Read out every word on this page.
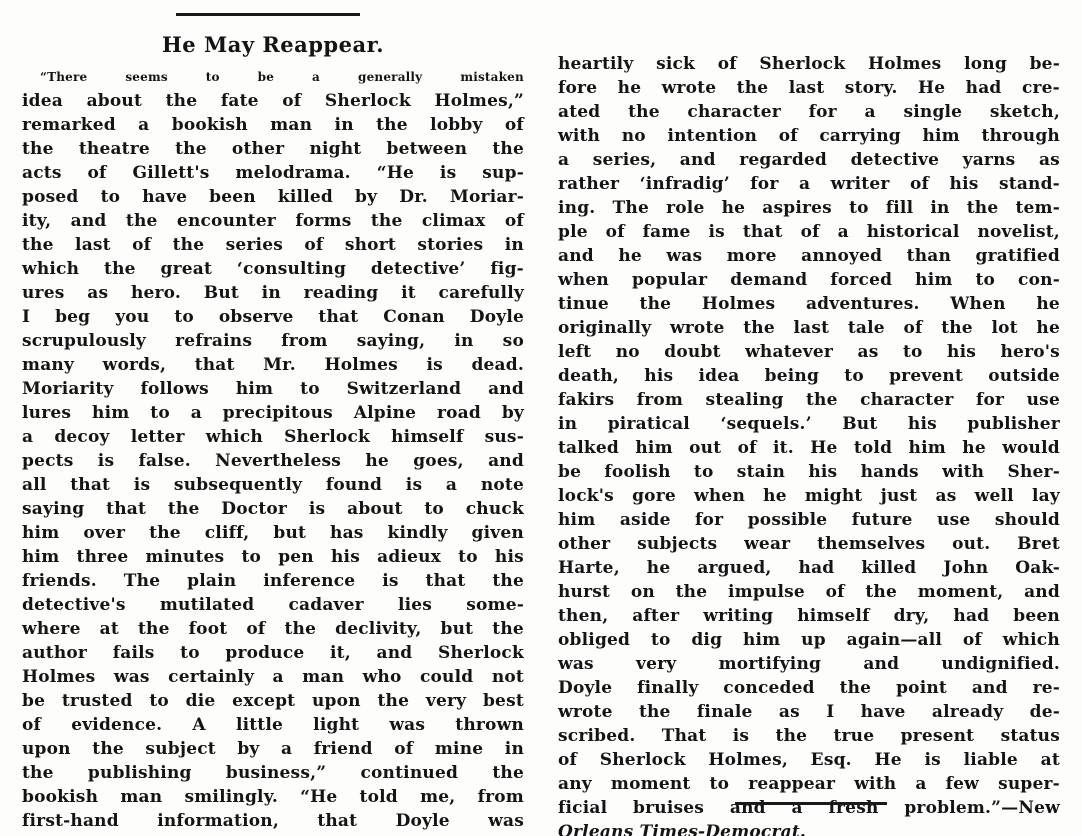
He May Reappear.
“There	seems	to	be	a	generally	mistaken
idea about the fate of Sherlock Holmes,”
remarked a bookish man in the lobby of
the theatre the other night between the
acts of Gillett's melodrama. “He is sup-
posed to have been killed by Dr. Moriar-
ity, and the encounter forms the climax of
the last of the series of short stories in
which the great ‘consulting detective’ fig-
ures as hero. But in reading it carefully
I beg you to observe that Conan Doyle
scrupulously refrains from saying, in so
many words, that Mr. Holmes is dead.
Moriarity follows him to Switzerland and
lures him to a precipitous Alpine road by
a decoy letter which Sherlock himself sus-
pects is false. Nevertheless he goes, and
all that is subsequently found is a note
saying that the Doctor is about to chuck
him over the cliff, but has kindly given
him three minutes to pen his adieux to his
friends. The plain inference is that the
detective's mutilated cadaver lies some-
where at the foot of the declivity, but the
author fails to produce it, and Sherlock
Holmes was certainly a man who could not
be trusted to die except upon the very best
of evidence. A little light was thrown
upon the subject by a friend of mine in
the publishing business,” continued the
bookish man smilingly. “He told me, from
first-hand information, that Doyle was
heartily sick of Sherlock Holmes long be-
fore he wrote the last story. He had cre-
ated the character for a single sketch,
with no intention of carrying him through
a series, and regarded detective yarns as
rather ‘infradig’ for a writer of his stand-
ing. The role he aspires to fill in the tem-
ple of fame is that of a historical novelist,
and he was more annoyed than gratified
when popular demand forced him to con-
tinue the Holmes adventures. When he
originally wrote the last tale of the lot he
left no doubt whatever as to his hero's
death, his idea being to prevent outside
fakirs from stealing the character for use
in piratical ‘sequels.’ But his publisher
talked him out of it. He told him he would
be foolish to stain his hands with Sher-
lock's gore when he might just as well lay
him aside for possible future use should
other subjects wear themselves out. Bret
Harte, he argued, had killed John Oak-
hurst on the impulse of the moment, and
then, after writing himself dry, had been
obliged to dig him up again—all of which
was very mortifying and undignified.
Doyle finally conceded the point and re-
wrote the finale as I have already de-
scribed. That is the true present status
of Sherlock Holmes, Esq. He is liable at
any moment to reappear with a few super-
ficial bruises and a fresh problem.”—New
Orleans Times-Democrat.
